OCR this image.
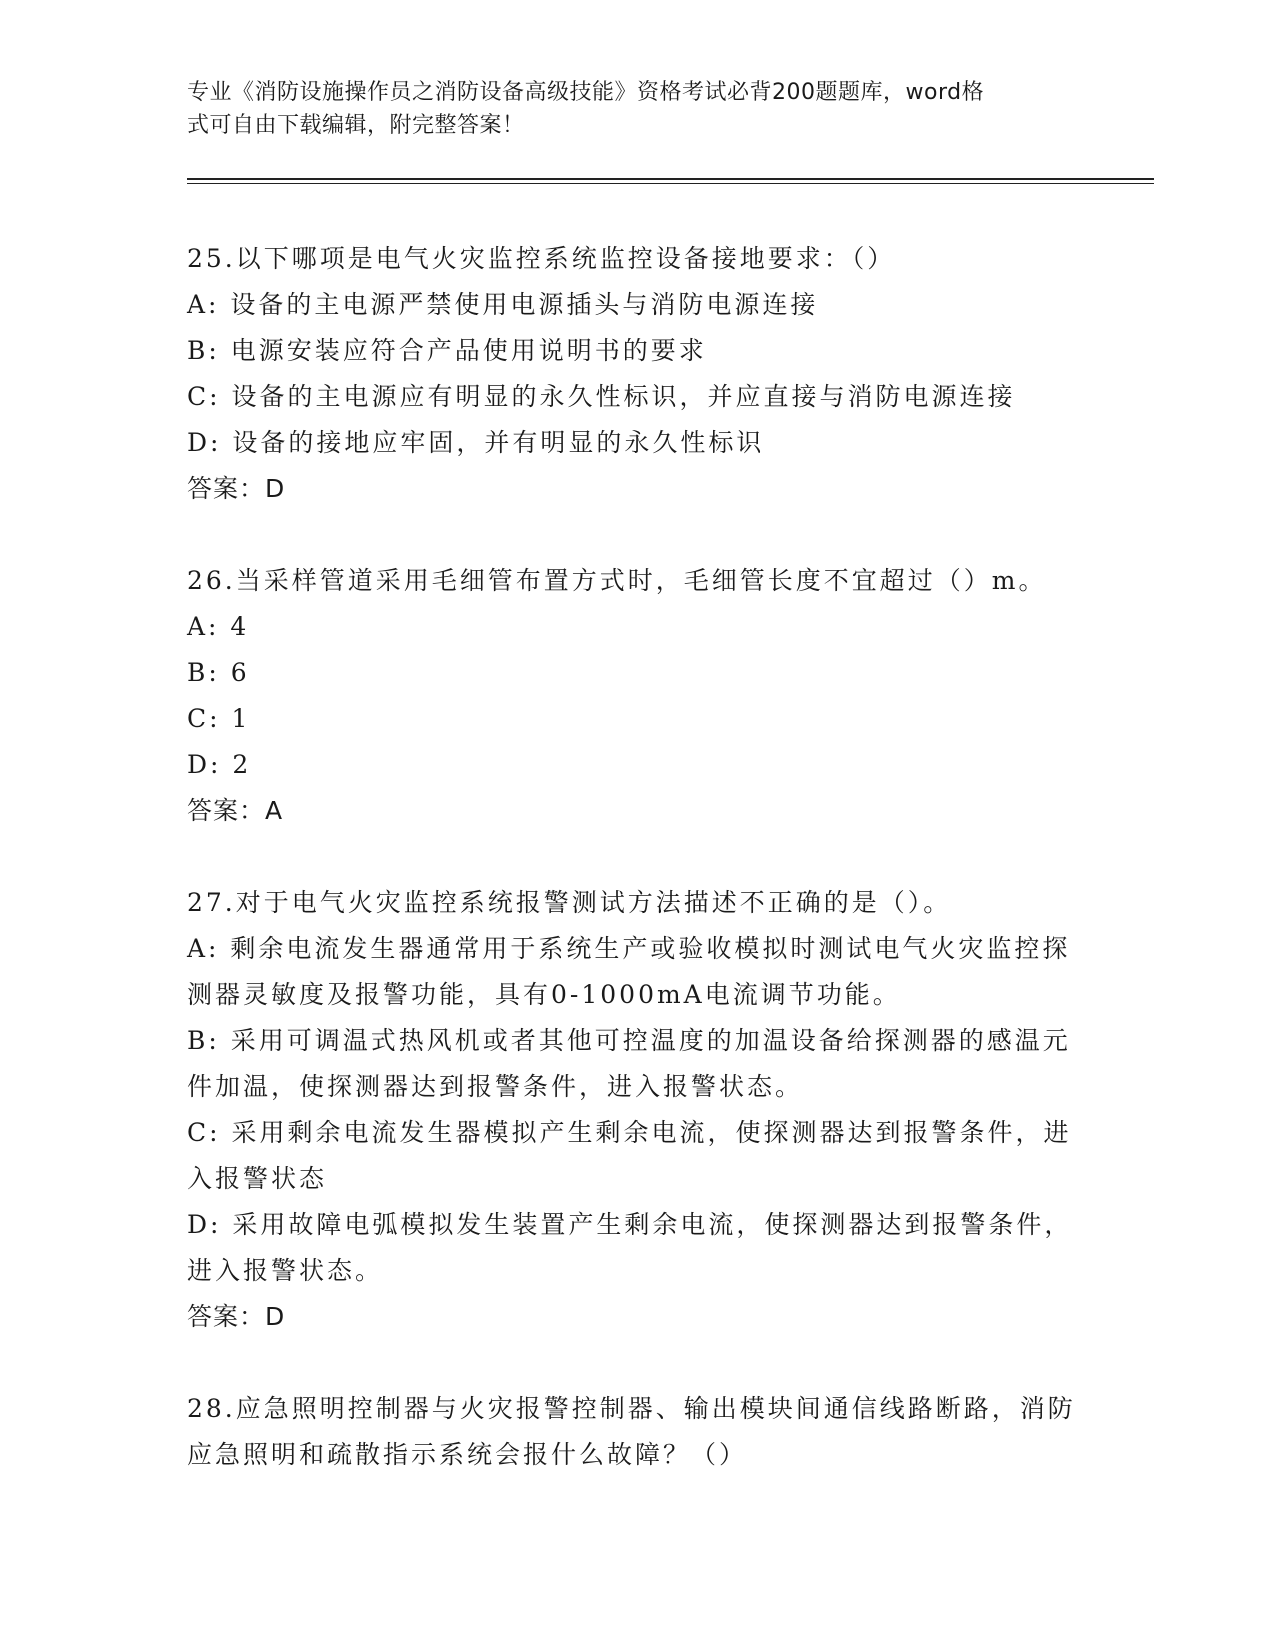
专业《消防设施操作员之消防设备高级技能》资格考试必背200题题库，word格
式可自由下载编辑，附完整答案！

25.以下哪项是电气火灾监控系统监控设备接地要求：（）

A: 设备的主电源严禁使用电源插头与消防电源连接

B: 电源安装应符合产品使用说明书的要求

C: 设备的主电源应有明显的永久性标识，并应直接与消防电源连接

D: 设备的接地应牢固，并有明显的永久性标识

答案：D

26.当采样管道采用毛细管布置方式时，毛细管长度不宜超过（）m。

A: 4

B: 6

C: 1

D: 2

答案：A

27.对于电气火灾监控系统报警测试方法描述不正确的是（）。

A: 剩余电流发生器通常用于系统生产或验收模拟时测试电气火灾监控探测器灵敏度及报警功能，具有0-1000mA电流调节功能。

B: 采用可调温式热风机或者其他可控温度的加温设备给探测器的感温元件加温，使探测器达到报警条件，进入报警状态。

C: 采用剩余电流发生器模拟产生剩余电流，使探测器达到报警条件，进入报警状态

D: 采用故障电弧模拟发生装置产生剩余电流，使探测器达到报警条件，进入报警状态。

答案：D

28.应急照明控制器与火灾报警控制器、输出模块间通信线路断路，消防应急照明和疏散指示系统会报什么故障？（）
